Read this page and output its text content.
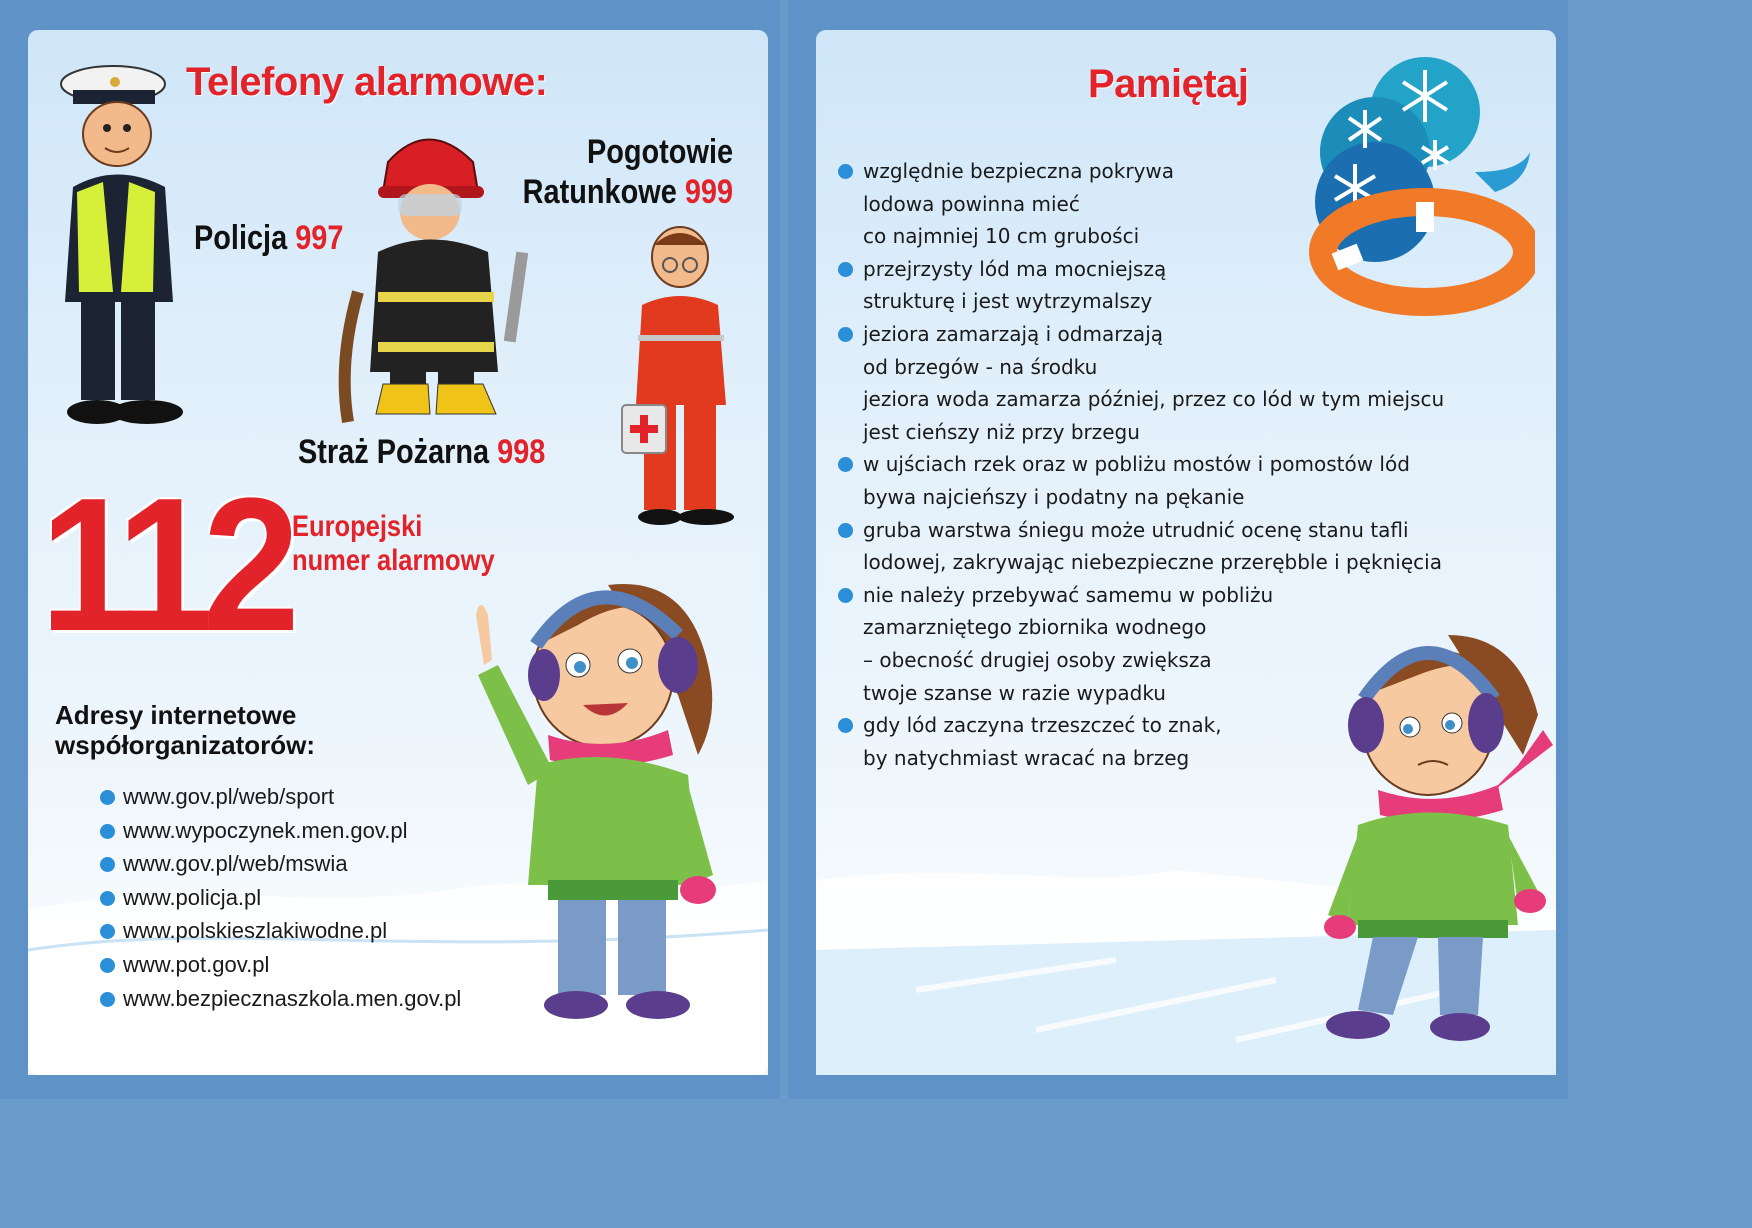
Telefony alarmowe:
Policja 997
Pogotowie
Ratunkowe 999
Straż Pożarna 998
112 Europejski
numer alarmowy
Adresy internetowe
współorganizatorów:
www.gov.pl/web/sport
www.wypoczynek.men.gov.pl
www.gov.pl/web/mswia
www.policja.pl
www.polskieszlakiwodne.pl
www.pot.gov.pl
www.bezpiecznaszkola.men.gov.pl
Pamiętaj
względnie bezpieczna pokrywa
lodowa powinna mieć
co najmniej 10 cm grubości
przejrzysty lód ma mocniejszą
strukturę i jest wytrzymalszy
jeziora zamarzają i odmarzają
od brzegów - na środku
jeziora woda zamarza później, przez co lód w tym miejscu
jest cieńszy niż przy brzegu
w ujściach rzek oraz w pobliżu mostów i pomostów lód
bywa najcieńszy i podatny na pękanie
gruba warstwa śniegu może utrudnić ocenę stanu tafli
lodowej, zakrywając niebezpieczne przerębble i pęknięcia
nie należy przebywać samemu w pobliżu
zamarzniętego zbiornika wodnego
– obecność drugiej osoby zwiększa
twoje szanse w razie wypadku
gdy lód zaczyna trzeszczeć to znak,
by natychmiast wracać na brzeg
